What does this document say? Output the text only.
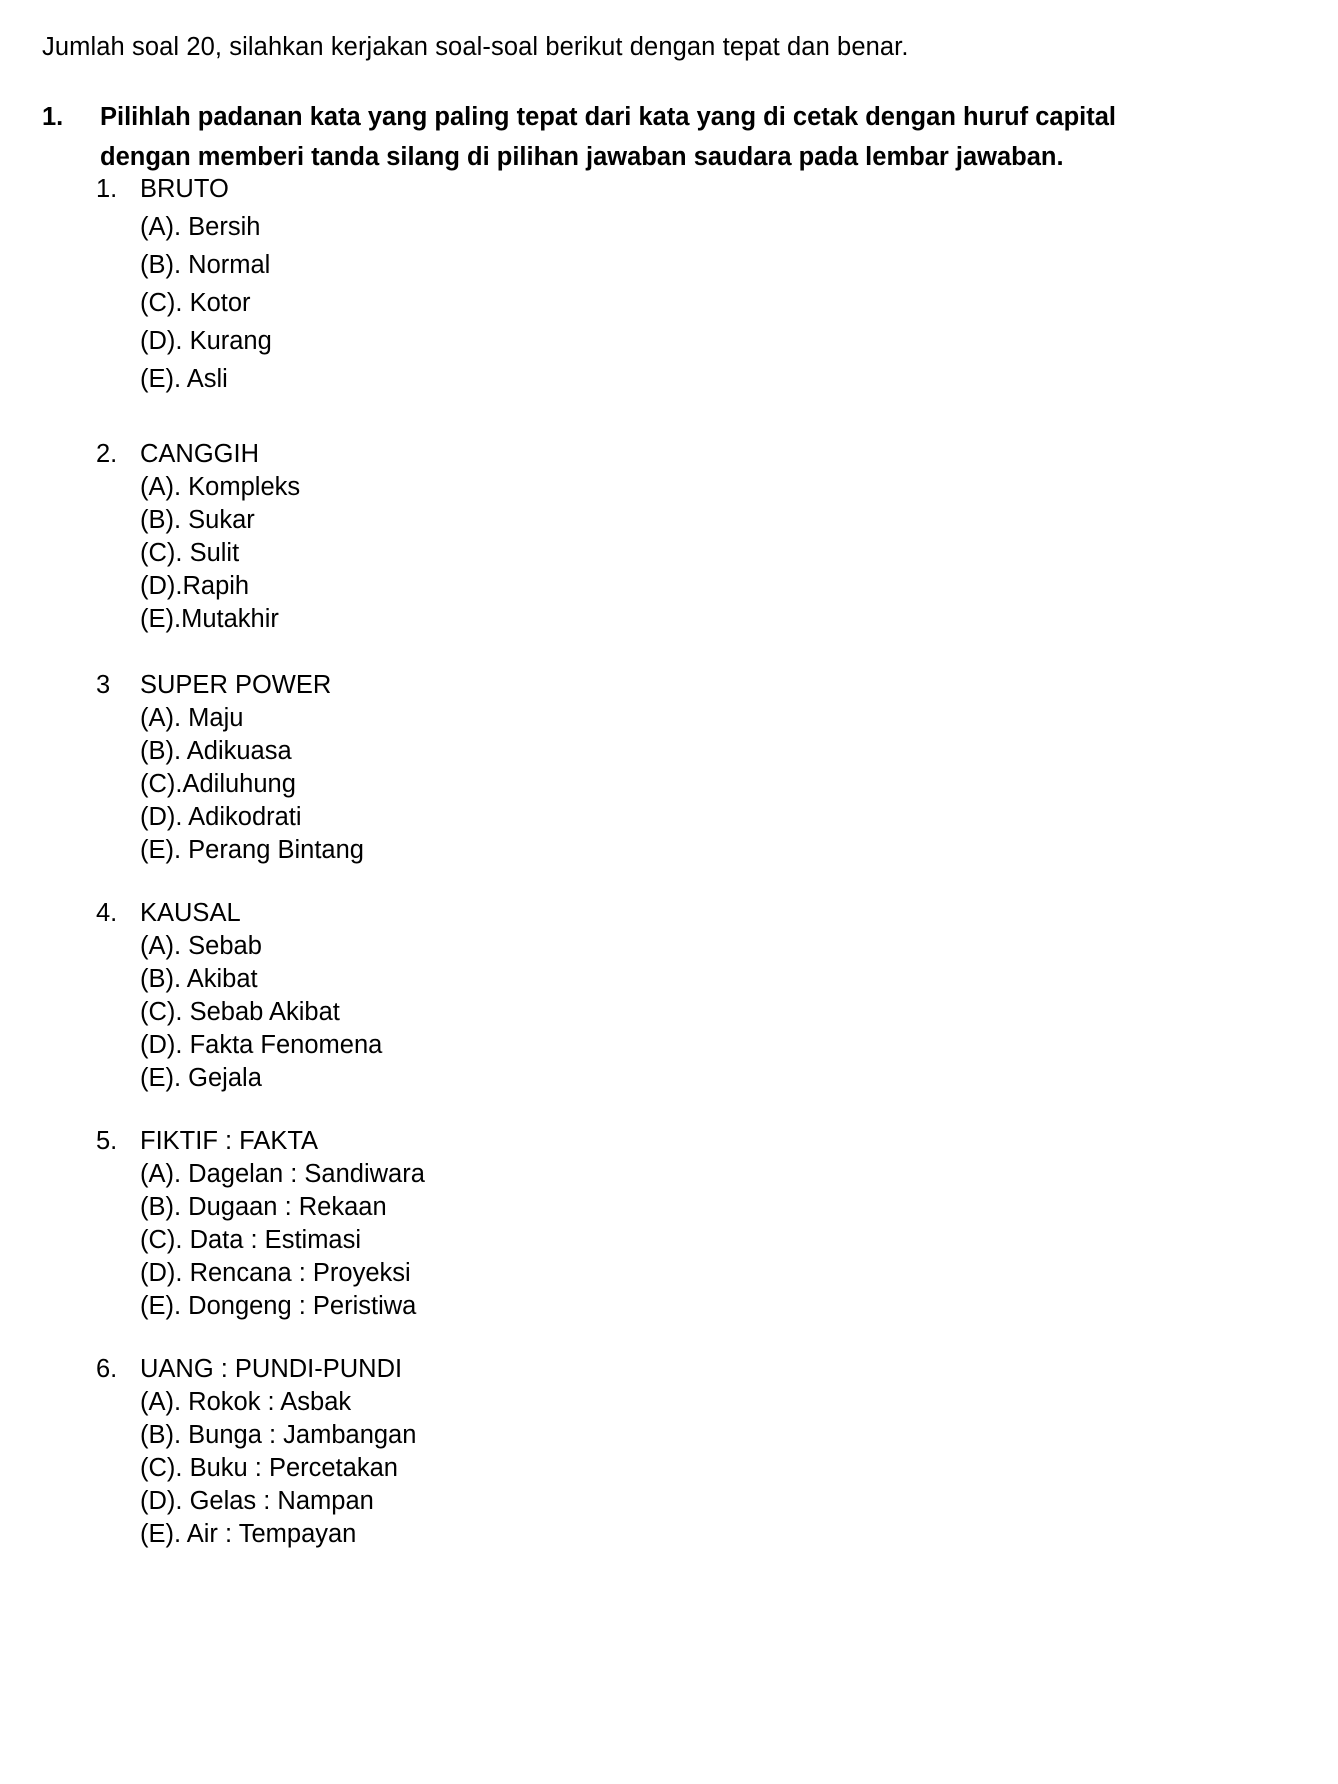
Jumlah soal 20, silahkan kerjakan soal-soal berikut dengan tepat dan benar.
1.	Pilihlah padanan kata yang paling tepat dari kata yang di cetak dengan huruf capital dengan memberi tanda silang di pilihan jawaban saudara pada lembar jawaban.
1. BRUTO
(A). Bersih
(B). Normal
(C). Kotor
(D). Kurang
(E). Asli
2. CANGGIH
(A). Kompleks
(B). Sukar
(C). Sulit
(D).Rapih
(E).Mutakhir
3	SUPER POWER
(A). Maju
(B). Adikuasa
(C).Adiluhung
(D). Adikodrati
(E). Perang Bintang
4. KAUSAL
(A). Sebab
(B). Akibat
(C). Sebab Akibat
(D). Fakta Fenomena
(E). Gejala
5. FIKTIF : FAKTA
(A). Dagelan : Sandiwara
(B). Dugaan : Rekaan
(C). Data : Estimasi
(D). Rencana : Proyeksi
(E). Dongeng : Peristiwa
6. UANG : PUNDI-PUNDI
(A). Rokok : Asbak
(B). Bunga : Jambangan
(C). Buku : Percetakan
(D). Gelas : Nampan
(E). Air : Tempayan
